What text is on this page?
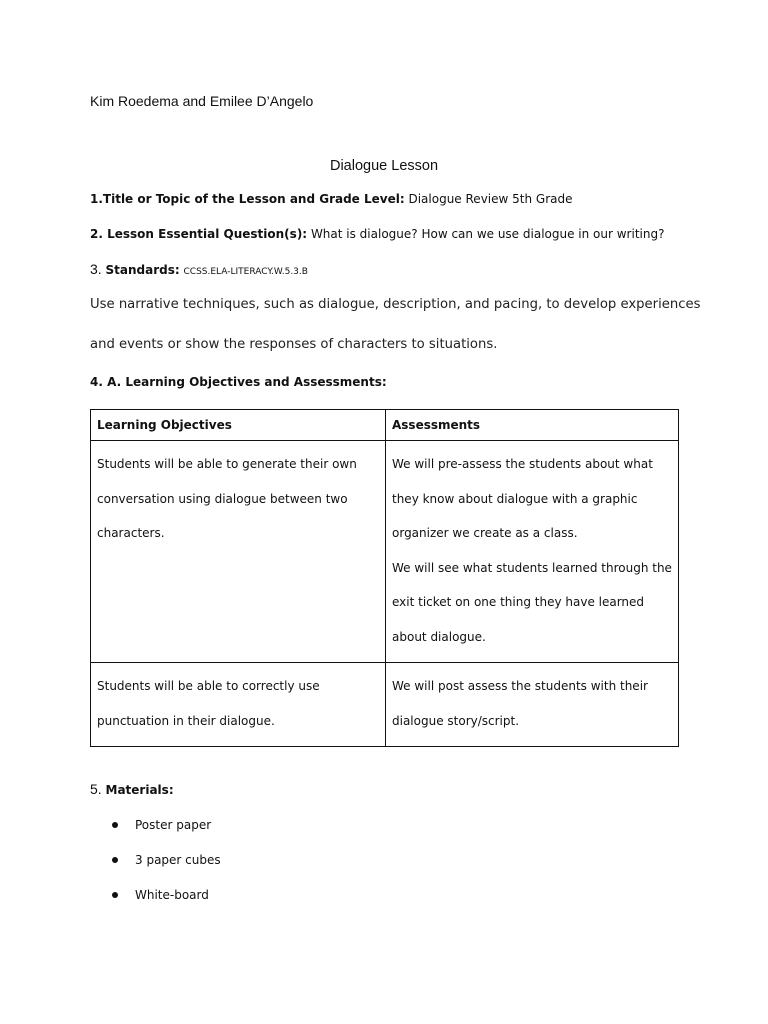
Kim Roedema and Emilee D’Angelo
Dialogue Lesson
1.Title or Topic of the Lesson and Grade Level: Dialogue Review 5th Grade
2. Lesson Essential Question(s): What is dialogue? How can we use dialogue in our writing?
3. Standards: CCSS.ELA-LITERACY.W.5.3.B
Use narrative techniques, such as dialogue, description, and pacing, to develop experiences
and events or show the responses of characters to situations.
4. A. Learning Objectives and Assessments:
Learning Objectives	Assessments

Students will be able to generate their own conversation using dialogue between two characters.	We will pre-assess the students about what they know about dialogue with a graphic organizer we create as a class.
We will see what students learned through the exit ticket on one thing they have learned about dialogue.

Students will be able to correctly use punctuation in their dialogue.	We will post assess the students with their dialogue story/script.
5. Materials:
Poster paper
3 paper cubes
White-board
